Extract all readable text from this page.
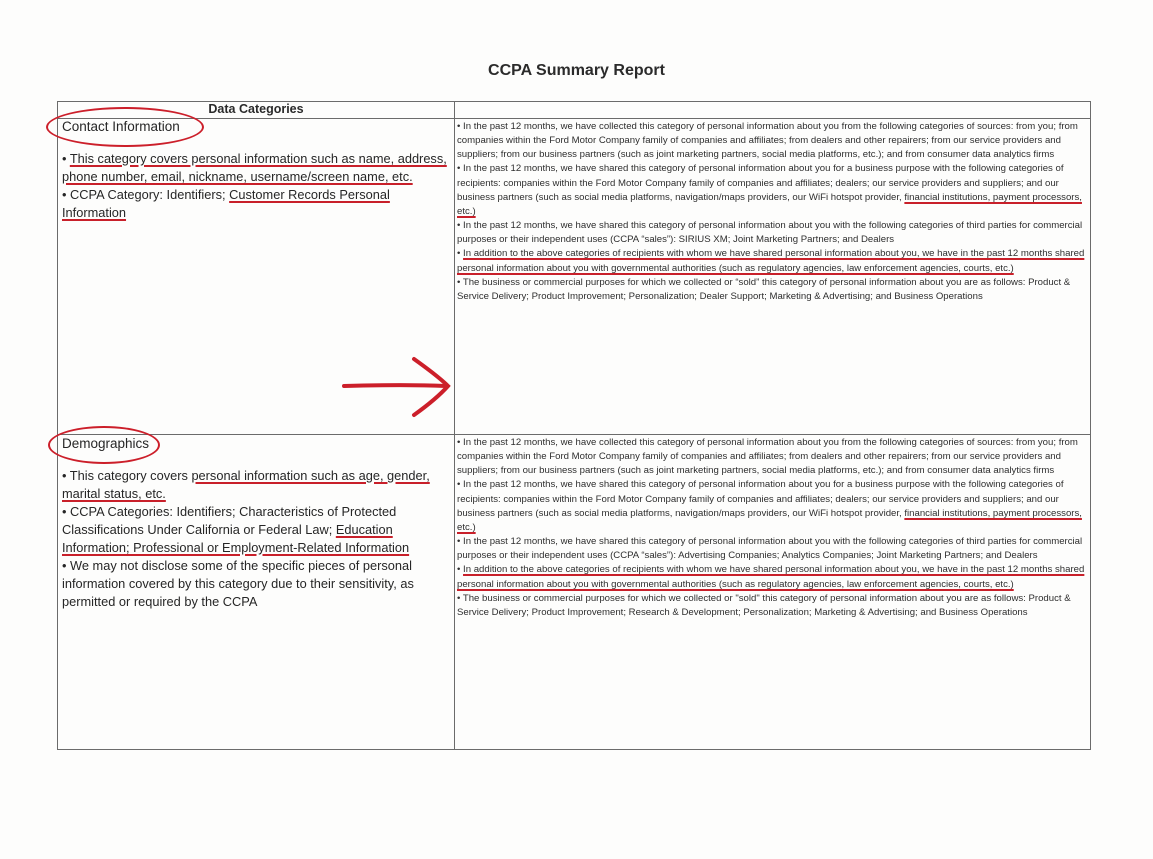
CCPA Summary Report
Data Categories
Contact Information

• This category covers personal information such as name, address, phone number, email, nickname, username/screen name, etc.

• CCPA Category: Identifiers; Customer Records Personal Information

• In the past 12 months, we have collected this category of personal information about you from the following categories of sources: from you; from companies within the Ford Motor Company family of companies and affiliates; from dealers and other repairers; from our service providers and suppliers; from our business partners (such as joint marketing partners, social media platforms, etc.); and from consumer data analytics firms

• In the past 12 months, we have shared this category of personal information about you for a business purpose with the following categories of recipients: companies within the Ford Motor Company family of companies and affiliates; dealers; our service providers and suppliers; and our business partners (such as social media platforms, navigation/maps providers, our WiFi hotspot provider, financial institutions, payment processors, etc.)

• In the past 12 months, we have shared this category of personal information about you with the following categories of third parties for commercial purposes or their independent uses (CCPA “sales”): SIRIUS XM; Joint Marketing Partners; and Dealers

• In addition to the above categories of recipients with whom we have shared personal information about you, we have in the past 12 months shared personal information about you with governmental authorities (such as regulatory agencies, law enforcement agencies, courts, etc.)

• The business or commercial purposes for which we collected or “sold” this category of personal information about you are as follows: Product & Service Delivery; Product Improvement; Personalization; Dealer Support; Marketing & Advertising; and Business Operations

Demographics

• This category covers personal information such as age, gender, marital status, etc.

• CCPA Categories: Identifiers; Characteristics of Protected Classifications Under California or Federal Law; Education Information; Professional or Employment-Related Information

• We may not disclose some of the specific pieces of personal information covered by this category due to their sensitivity, as permitted or required by the CCPA

• In the past 12 months, we have collected this category of personal information about you from the following categories of sources: from you; from companies within the Ford Motor Company family of companies and affiliates; from dealers and other repairers; from our service providers and suppliers; from our business partners (such as joint marketing partners, social media platforms, etc.); and from consumer data analytics firms

• In the past 12 months, we have shared this category of personal information about you for a business purpose with the following categories of recipients: companies within the Ford Motor Company family of companies and affiliates; dealers; our service providers and suppliers; and our business partners (such as social media platforms, navigation/maps providers, our WiFi hotspot provider, financial institutions, payment processors, etc.)

• In the past 12 months, we have shared this category of personal information about you with the following categories of third parties for commercial purposes or their independent uses (CCPA “sales”): Advertising Companies; Analytics Companies; Joint Marketing Partners; and Dealers

• In addition to the above categories of recipients with whom we have shared personal information about you, we have in the past 12 months shared personal information about you with governmental authorities (such as regulatory agencies, law enforcement agencies, courts, etc.)

• The business or commercial purposes for which we collected or "sold" this category of personal information about you are as follows: Product & Service Delivery; Product Improvement; Research & Development; Personalization; Marketing & Advertising; and Business Operations
